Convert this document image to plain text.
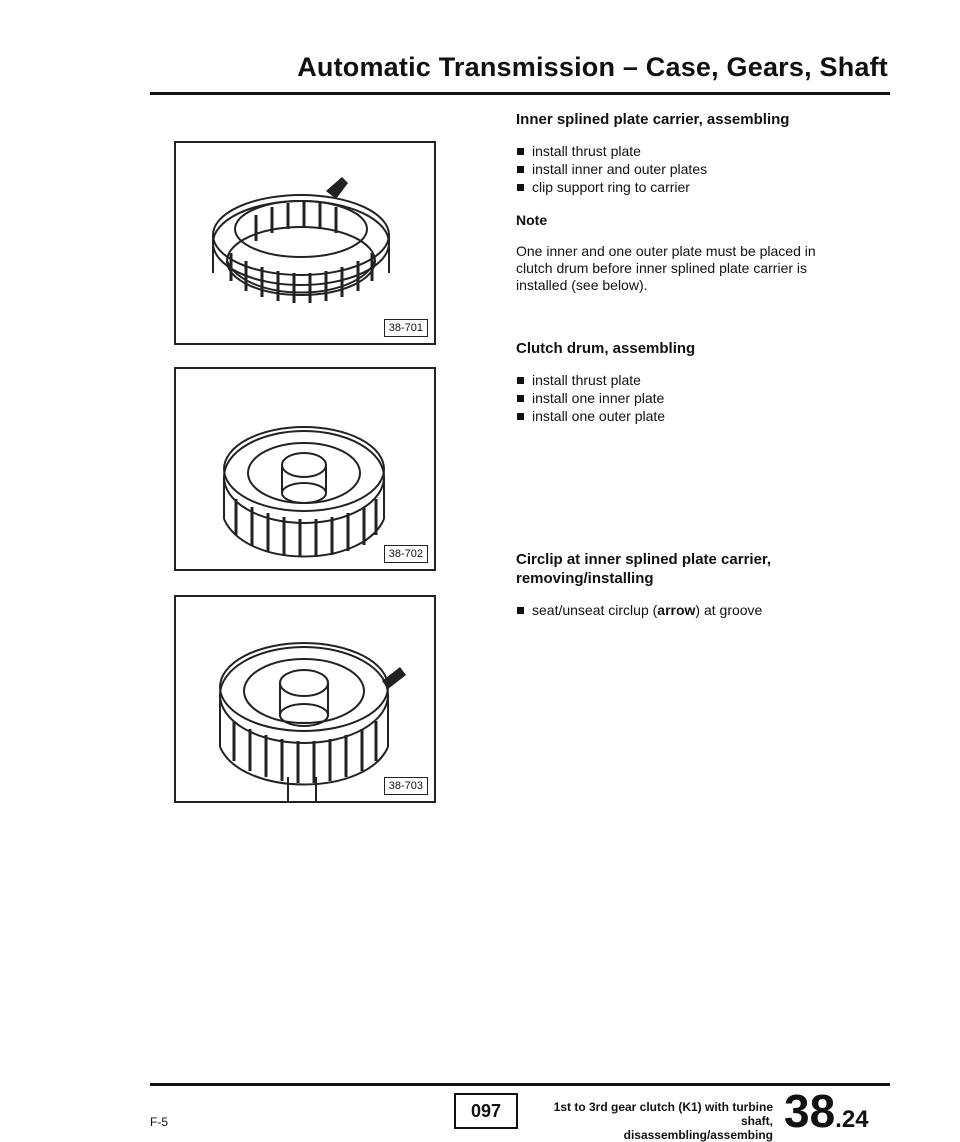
Automatic Transmission – Case, Gears, Shaft
38-701
38-702
38-703

Inner splined plate carrier, assembling

install thrust plate
install inner and outer plates
clip support ring to carrier

Note

One inner and one outer plate must be placed in clutch drum before inner splined plate carrier is installed (see below).

Clutch drum, assembling

install thrust plate
install one inner plate
install one outer plate

Circlip at inner splined plate carrier,
removing/installing

seat/unseat circlup (arrow) at groove
F-5
097	1st to 3rd gear clutch (K1) with turbine shaft,
disassembling/assembing 38.24
